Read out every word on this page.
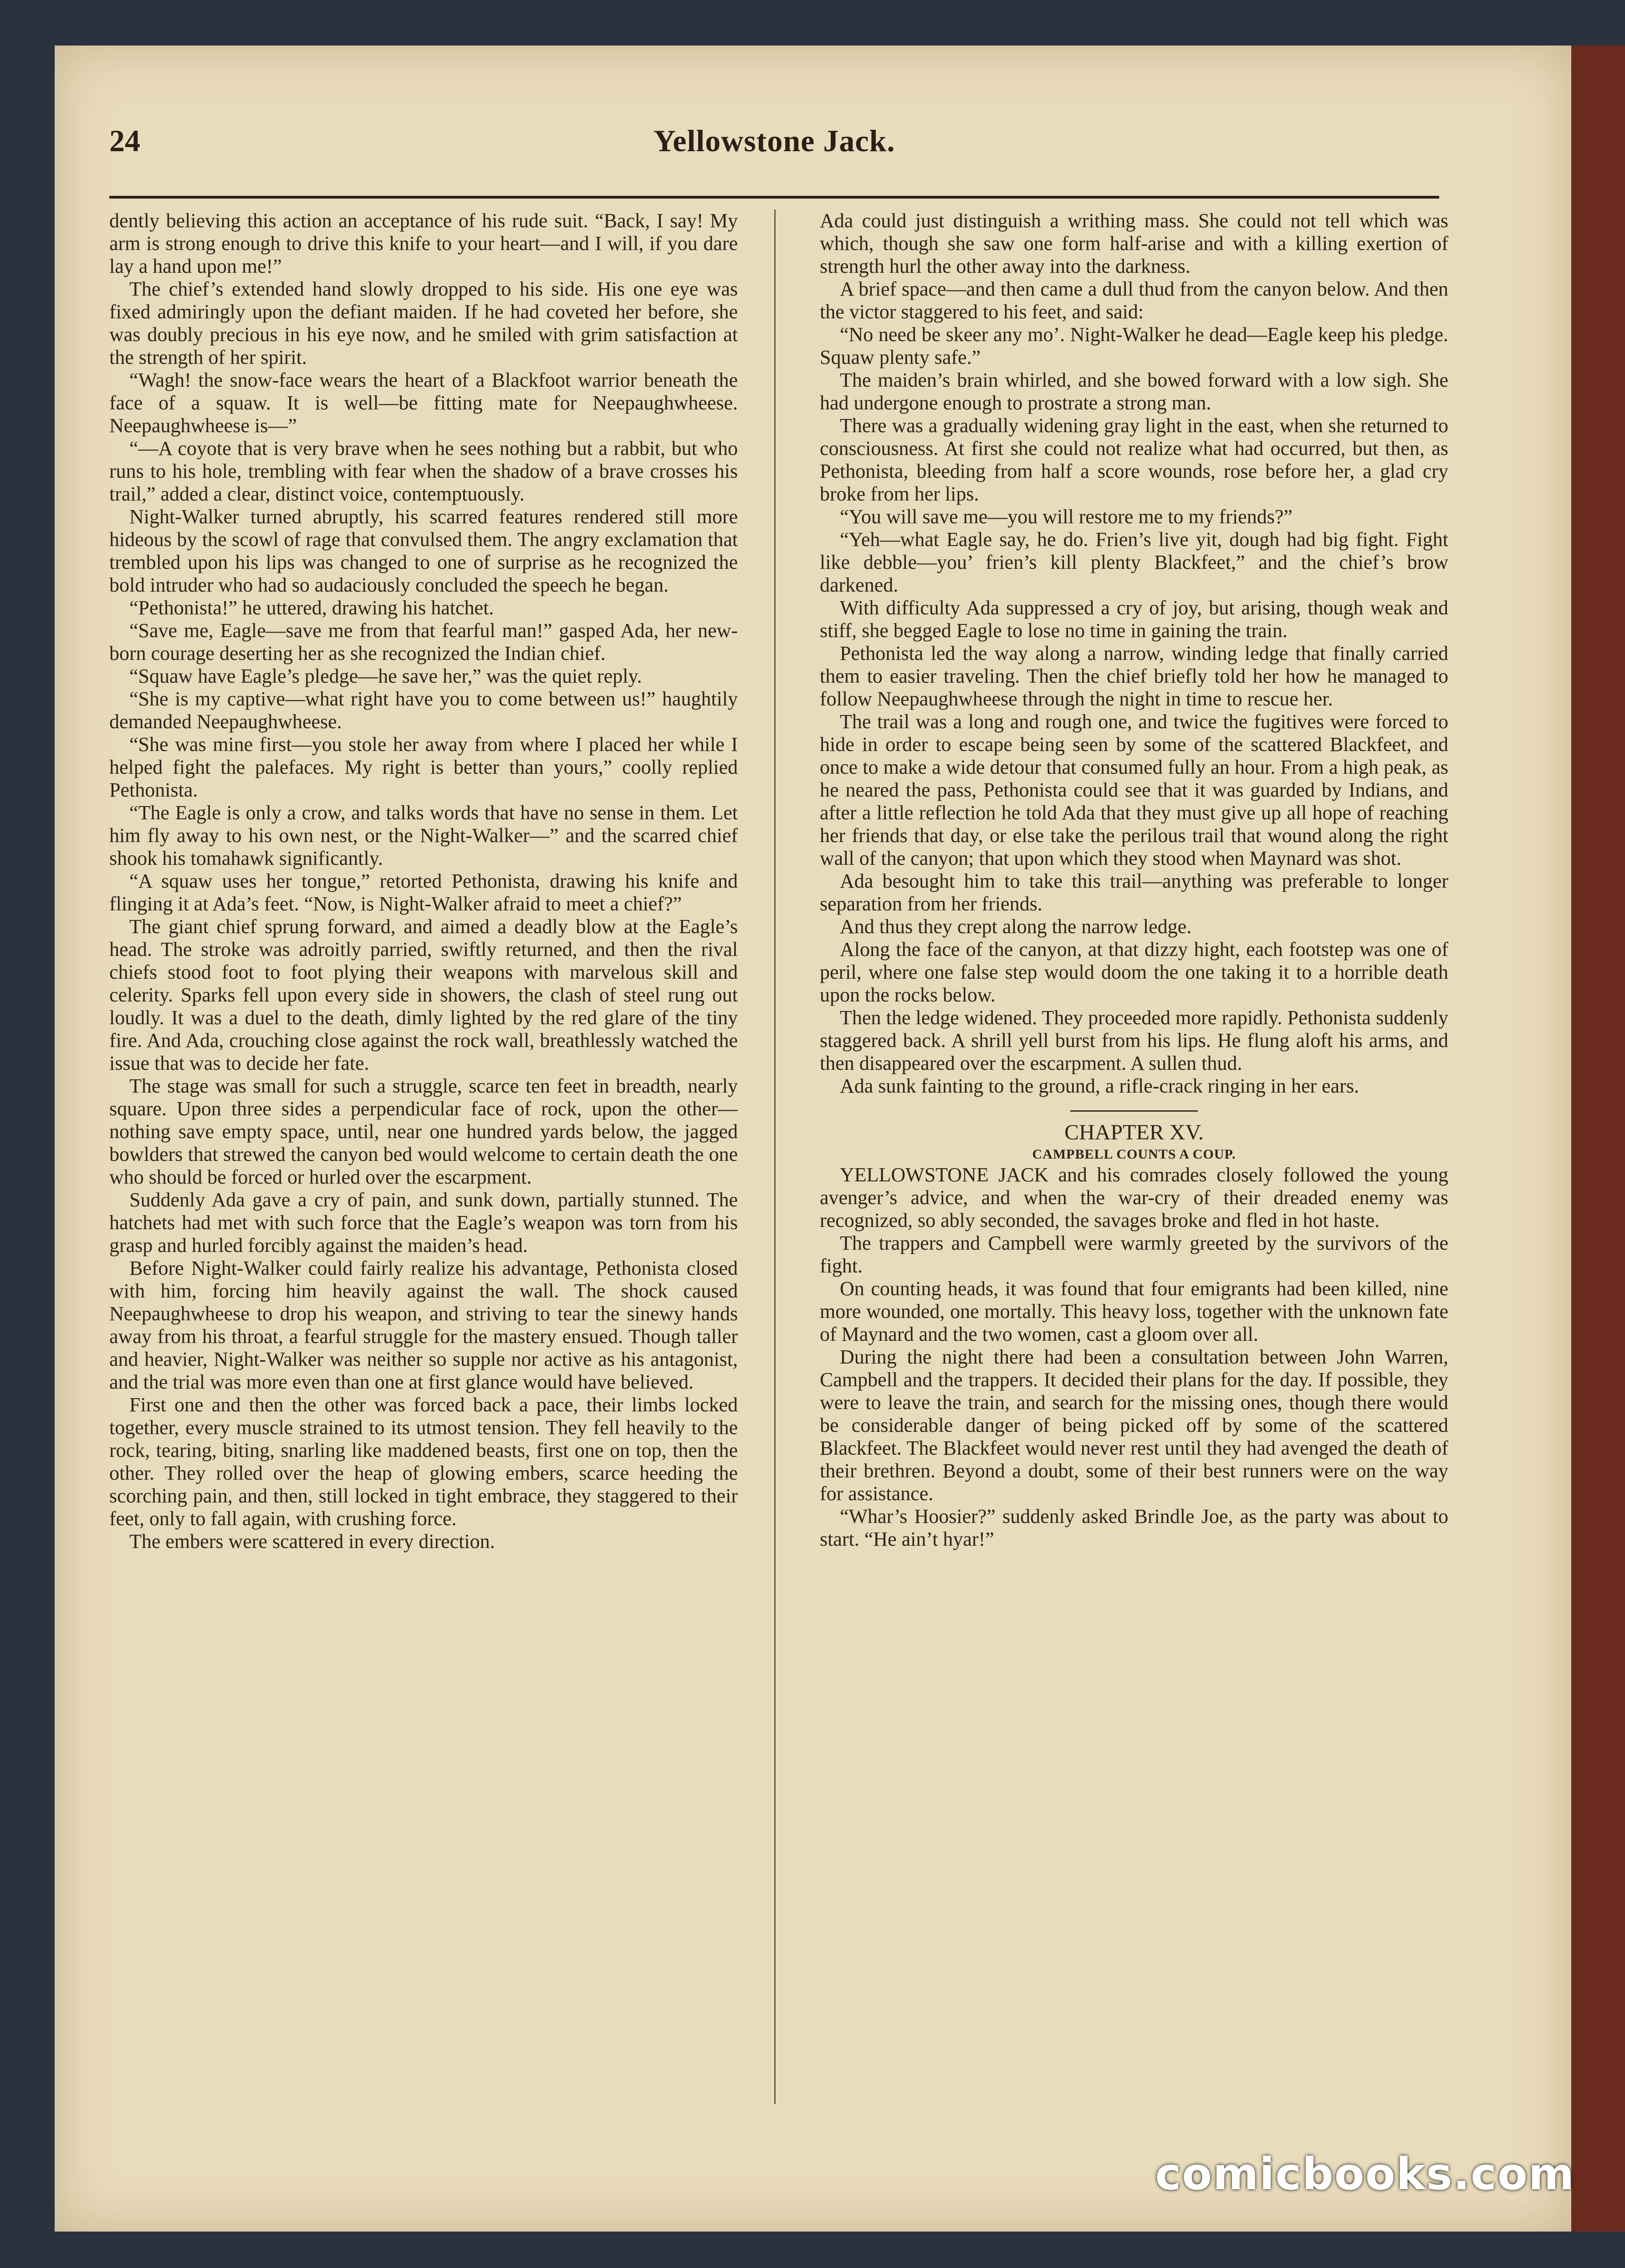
24	Yellowstone Jack.

dently believing this action an acceptance of his rude suit. “Back, I say! My arm is strong enough to drive this knife to your heart—and I will, if you dare lay a hand upon me!”

The chief’s extended hand slowly dropped to his side. His one eye was fixed admiringly upon the defiant maiden. If he had coveted her before, she was doubly precious in his eye now, and he smiled with grim satisfaction at the strength of her spirit.

“Wagh! the snow-face wears the heart of a Blackfoot warrior beneath the face of a squaw. It is well—be fitting mate for Neepaughwheese. Neepaughwheese is—”

“—A coyote that is very brave when he sees nothing but a rabbit, but who runs to his hole, trembling with fear when the shadow of a brave crosses his trail,” added a clear, distinct voice, contemptuously.

Night-Walker turned abruptly, his scarred features rendered still more hideous by the scowl of rage that convulsed them. The angry exclamation that trembled upon his lips was changed to one of surprise as he recognized the bold intruder who had so audaciously concluded the speech he began.

“Pethonista!” he uttered, drawing his hatchet.

“Save me, Eagle—save me from that fearful man!” gasped Ada, her new-born courage deserting her as she recognized the Indian chief.

“Squaw have Eagle’s pledge—he save her,” was the quiet reply.

“She is my captive—what right have you to come between us!” haughtily demanded Neepaughwheese.

“She was mine first—you stole her away from where I placed her while I helped fight the palefaces. My right is better than yours,” coolly replied Pethonista.

“The Eagle is only a crow, and talks words that have no sense in them. Let him fly away to his own nest, or the Night-Walker—” and the scarred chief shook his tomahawk significantly.

“A squaw uses her tongue,” retorted Pethonista, drawing his knife and flinging it at Ada’s feet. “Now, is Night-Walker afraid to meet a chief?”

The giant chief sprung forward, and aimed a deadly blow at the Eagle’s head. The stroke was adroitly parried, swiftly returned, and then the rival chiefs stood foot to foot plying their weapons with marvelous skill and celerity. Sparks fell upon every side in showers, the clash of steel rung out loudly. It was a duel to the death, dimly lighted by the red glare of the tiny fire. And Ada, crouching close against the rock wall, breathlessly watched the issue that was to decide her fate.

The stage was small for such a struggle, scarce ten feet in breadth, nearly square. Upon three sides a perpendicular face of rock, upon the other—nothing save empty space, until, near one hundred yards below, the jagged bowlders that strewed the canyon bed would welcome to certain death the one who should be forced or hurled over the escarpment.

Suddenly Ada gave a cry of pain, and sunk down, partially stunned. The hatchets had met with such force that the Eagle’s weapon was torn from his grasp and hurled forcibly against the maiden’s head.

Before Night-Walker could fairly realize his advantage, Pethonista closed with him, forcing him heavily against the wall. The shock caused Neepaughwheese to drop his weapon, and striving to tear the sinewy hands away from his throat, a fearful struggle for the mastery ensued. Though taller and heavier, Night-Walker was neither so supple nor active as his antagonist, and the trial was more even than one at first glance would have believed.

First one and then the other was forced back a pace, their limbs locked together, every muscle strained to its utmost tension. They fell heavily to the rock, tearing, biting, snarling like maddened beasts, first one on top, then the other. They rolled over the heap of glowing embers, scarce heeding the scorching pain, and then, still locked in tight embrace, they staggered to their feet, only to fall again, with crushing force.

The embers were scattered in every direction.

Ada could just distinguish a writhing mass. She could not tell which was which, though she saw one form half-arise and with a killing exertion of strength hurl the other away into the darkness.

A brief space—and then came a dull thud from the canyon below. And then the victor staggered to his feet, and said:

“No need be skeer any mo’. Night-Walker he dead—Eagle keep his pledge. Squaw plenty safe.”

The maiden’s brain whirled, and she bowed forward with a low sigh. She had undergone enough to prostrate a strong man.

There was a gradually widening gray light in the east, when she returned to consciousness. At first she could not realize what had occurred, but then, as Pethonista, bleeding from half a score wounds, rose before her, a glad cry broke from her lips.

“You will save me—you will restore me to my friends?”

“Yeh—what Eagle say, he do. Frien’s live yit, dough had big fight. Fight like debble—you’ frien’s kill plenty Blackfeet,” and the chief’s brow darkened.

With difficulty Ada suppressed a cry of joy, but arising, though weak and stiff, she begged Eagle to lose no time in gaining the train.

Pethonista led the way along a narrow, winding ledge that finally carried them to easier traveling. Then the chief briefly told her how he managed to follow Neepaughwheese through the night in time to rescue her.

The trail was a long and rough one, and twice the fugitives were forced to hide in order to escape being seen by some of the scattered Blackfeet, and once to make a wide detour that consumed fully an hour. From a high peak, as he neared the pass, Pethonista could see that it was guarded by Indians, and after a little reflection he told Ada that they must give up all hope of reaching her friends that day, or else take the perilous trail that wound along the right wall of the canyon; that upon which they stood when Maynard was shot.

Ada besought him to take this trail—anything was preferable to longer separation from her friends.

And thus they crept along the narrow ledge.

Along the face of the canyon, at that dizzy hight, each footstep was one of peril, where one false step would doom the one taking it to a horrible death upon the rocks below.

Then the ledge widened. They proceeded more rapidly. Pethonista suddenly staggered back. A shrill yell burst from his lips. He flung aloft his arms, and then disappeared over the escarpment. A sullen thud.

Ada sunk fainting to the ground, a rifle-crack ringing in her ears.

CHAPTER XV.

CAMPBELL COUNTS A COUP.

YELLOWSTONE JACK and his comrades closely followed the young avenger’s advice, and when the war-cry of their dreaded enemy was recognized, so ably seconded, the savages broke and fled in hot haste.

The trappers and Campbell were warmly greeted by the survivors of the fight.

On counting heads, it was found that four emigrants had been killed, nine more wounded, one mortally. This heavy loss, together with the unknown fate of Maynard and the two women, cast a gloom over all.

During the night there had been a consultation between John Warren, Campbell and the trappers. It decided their plans for the day. If possible, they were to leave the train, and search for the missing ones, though there would be considerable danger of being picked off by some of the scattered Blackfeet. The Blackfeet would never rest until they had avenged the death of their brethren. Beyond a doubt, some of their best runners were on the way for assistance.

“Whar’s Hoosier?” suddenly asked Brindle Joe, as the party was about to start. “He ain’t hyar!”

comicbooks.com
